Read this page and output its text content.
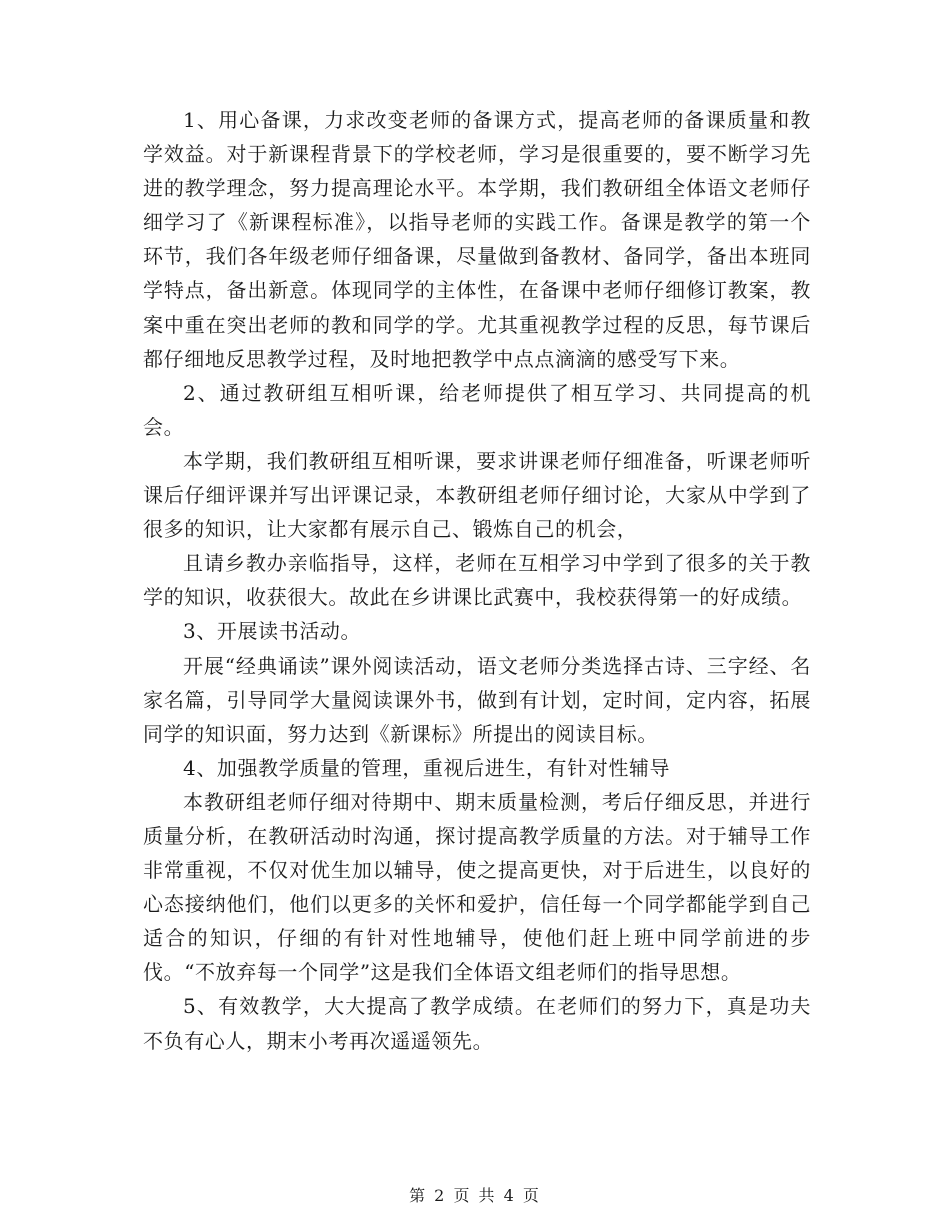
1、用心备课，力求改变老师的备课方式，提高老师的备课质量和教学效益。对于新课程背景下的学校老师，学习是很重要的，要不断学习先进的教学理念，努力提高理论水平。本学期，我们教研组全体语文老师仔细学习了《新课程标准》，以指导老师的实践工作。备课是教学的第一个环节，我们各年级老师仔细备课，尽量做到备教材、备同学，备出本班同学特点，备出新意。体现同学的主体性，在备课中老师仔细修订教案，教案中重在突出老师的教和同学的学。尤其重视教学过程的反思，每节课后都仔细地反思教学过程，及时地把教学中点点滴滴的感受写下来。

2、通过教研组互相听课，给老师提供了相互学习、共同提高的机会。

本学期，我们教研组互相听课，要求讲课老师仔细准备，听课老师听课后仔细评课并写出评课记录，本教研组老师仔细讨论，大家从中学到了很多的知识，让大家都有展示自己、锻炼自己的机会，

且请乡教办亲临指导，这样，老师在互相学习中学到了很多的关于教学的知识，收获很大。故此在乡讲课比武赛中，我校获得第一的好成绩。

3、开展读书活动。

开展“经典诵读”课外阅读活动，语文老师分类选择古诗、三字经、名家名篇，引导同学大量阅读课外书，做到有计划，定时间，定内容，拓展同学的知识面，努力达到《新课标》所提出的阅读目标。

4、加强教学质量的管理，重视后进生，有针对性辅导

本教研组老师仔细对待期中、期末质量检测，考后仔细反思，并进行质量分析，在教研活动时沟通，探讨提高教学质量的方法。对于辅导工作非常重视，不仅对优生加以辅导，使之提高更快，对于后进生，以良好的心态接纳他们，他们以更多的关怀和爱护，信任每一个同学都能学到自己适合的知识，仔细的有针对性地辅导，使他们赶上班中同学前进的步伐。“不放弃每一个同学”这是我们全体语文组老师们的指导思想。

5、有效教学，大大提高了教学成绩。在老师们的努力下，真是功夫不负有心人，期末小考再次遥遥领先。

第 2 页 共 4 页
